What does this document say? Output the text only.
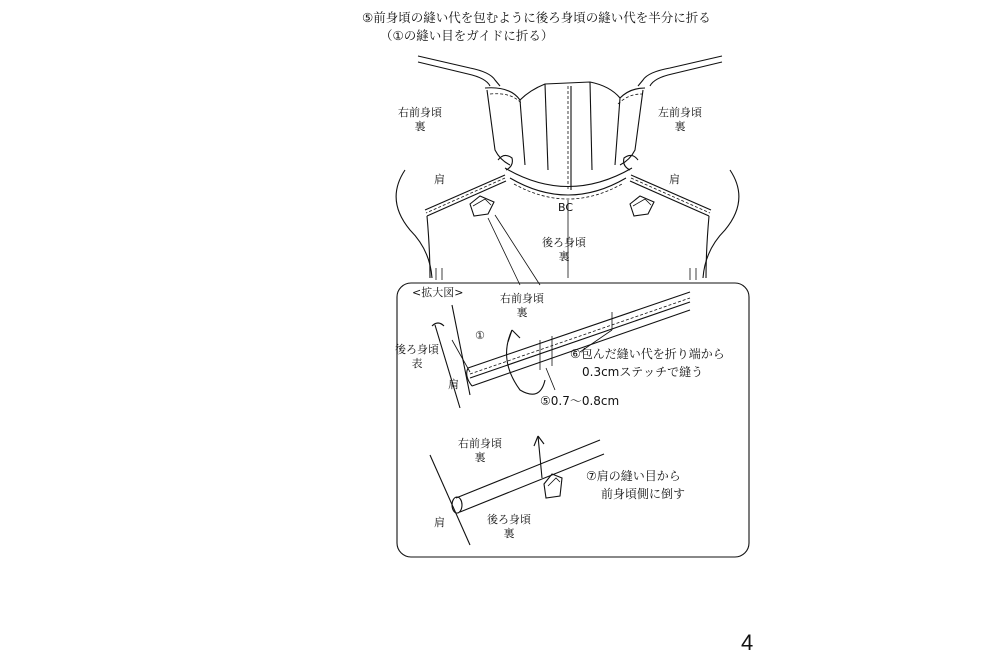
⑤前身頃の縫い代を包むように後ろ身頃の縫い代を半分に折る
（①の縫い目をガイドに折る）
右前身頃
裏
左前身頃
裏
肩	肩
BC
後ろ身頃
裏
<拡大図>	右前身頃
裏
後ろ身頃
表
肩
①
⑥包んだ縫い代を折り端から
0.3cmステッチで縫う
⑤0.7〜0.8cm
右前身頃
裏
⑦肩の縫い目から
前身頃側に倒す
肩	後ろ身頃
裏
4
